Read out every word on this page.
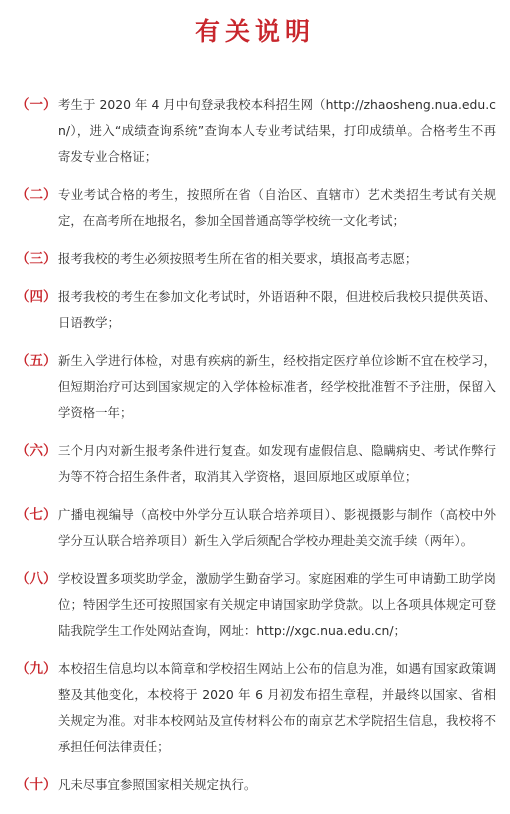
有关说明
（一） 考生于 2020 年 4 月中旬登录我校本科招生网（http://zhaosheng.nua.edu.cn/），进入“成绩查询系统”查询本人专业考试结果，打印成绩单。合格考生不再寄发专业合格证；
（二） 专业考试合格的考生，按照所在省（自治区、直辖市）艺术类招生考试有关规定，在高考所在地报名，参加全国普通高等学校统一文化考试；
（三） 报考我校的考生必须按照考生所在省的相关要求，填报高考志愿；
（四） 报考我校的考生在参加文化考试时，外语语种不限，但进校后我校只提供英语、日语教学；
（五） 新生入学进行体检，对患有疾病的新生，经校指定医疗单位诊断不宜在校学习，但短期治疗可达到国家规定的入学体检标准者，经学校批准暂不予注册，保留入学资格一年；
（六） 三个月内对新生报考条件进行复查。如发现有虚假信息、隐瞒病史、考试作弊行为等不符合招生条件者，取消其入学资格，退回原地区或原单位；
（七） 广播电视编导（高校中外学分互认联合培养项目）、影视摄影与制作（高校中外学分互认联合培养项目）新生入学后须配合学校办理赴美交流手续（两年）。
（八） 学校设置多项奖助学金，激励学生勤奋学习。家庭困难的学生可申请勤工助学岗位；特困学生还可按照国家有关规定申请国家助学贷款。以上各项具体规定可登陆我院学生工作处网站查询，网址：http://xgc.nua.edu.cn/；
（九） 本校招生信息均以本简章和学校招生网站上公布的信息为准，如遇有国家政策调整及其他变化，本校将于 2020 年 6 月初发布招生章程，并最终以国家、省相关规定为准。对非本校网站及宣传材料公布的南京艺术学院招生信息，我校将不承担任何法律责任；
（十） 凡未尽事宜参照国家相关规定执行。
